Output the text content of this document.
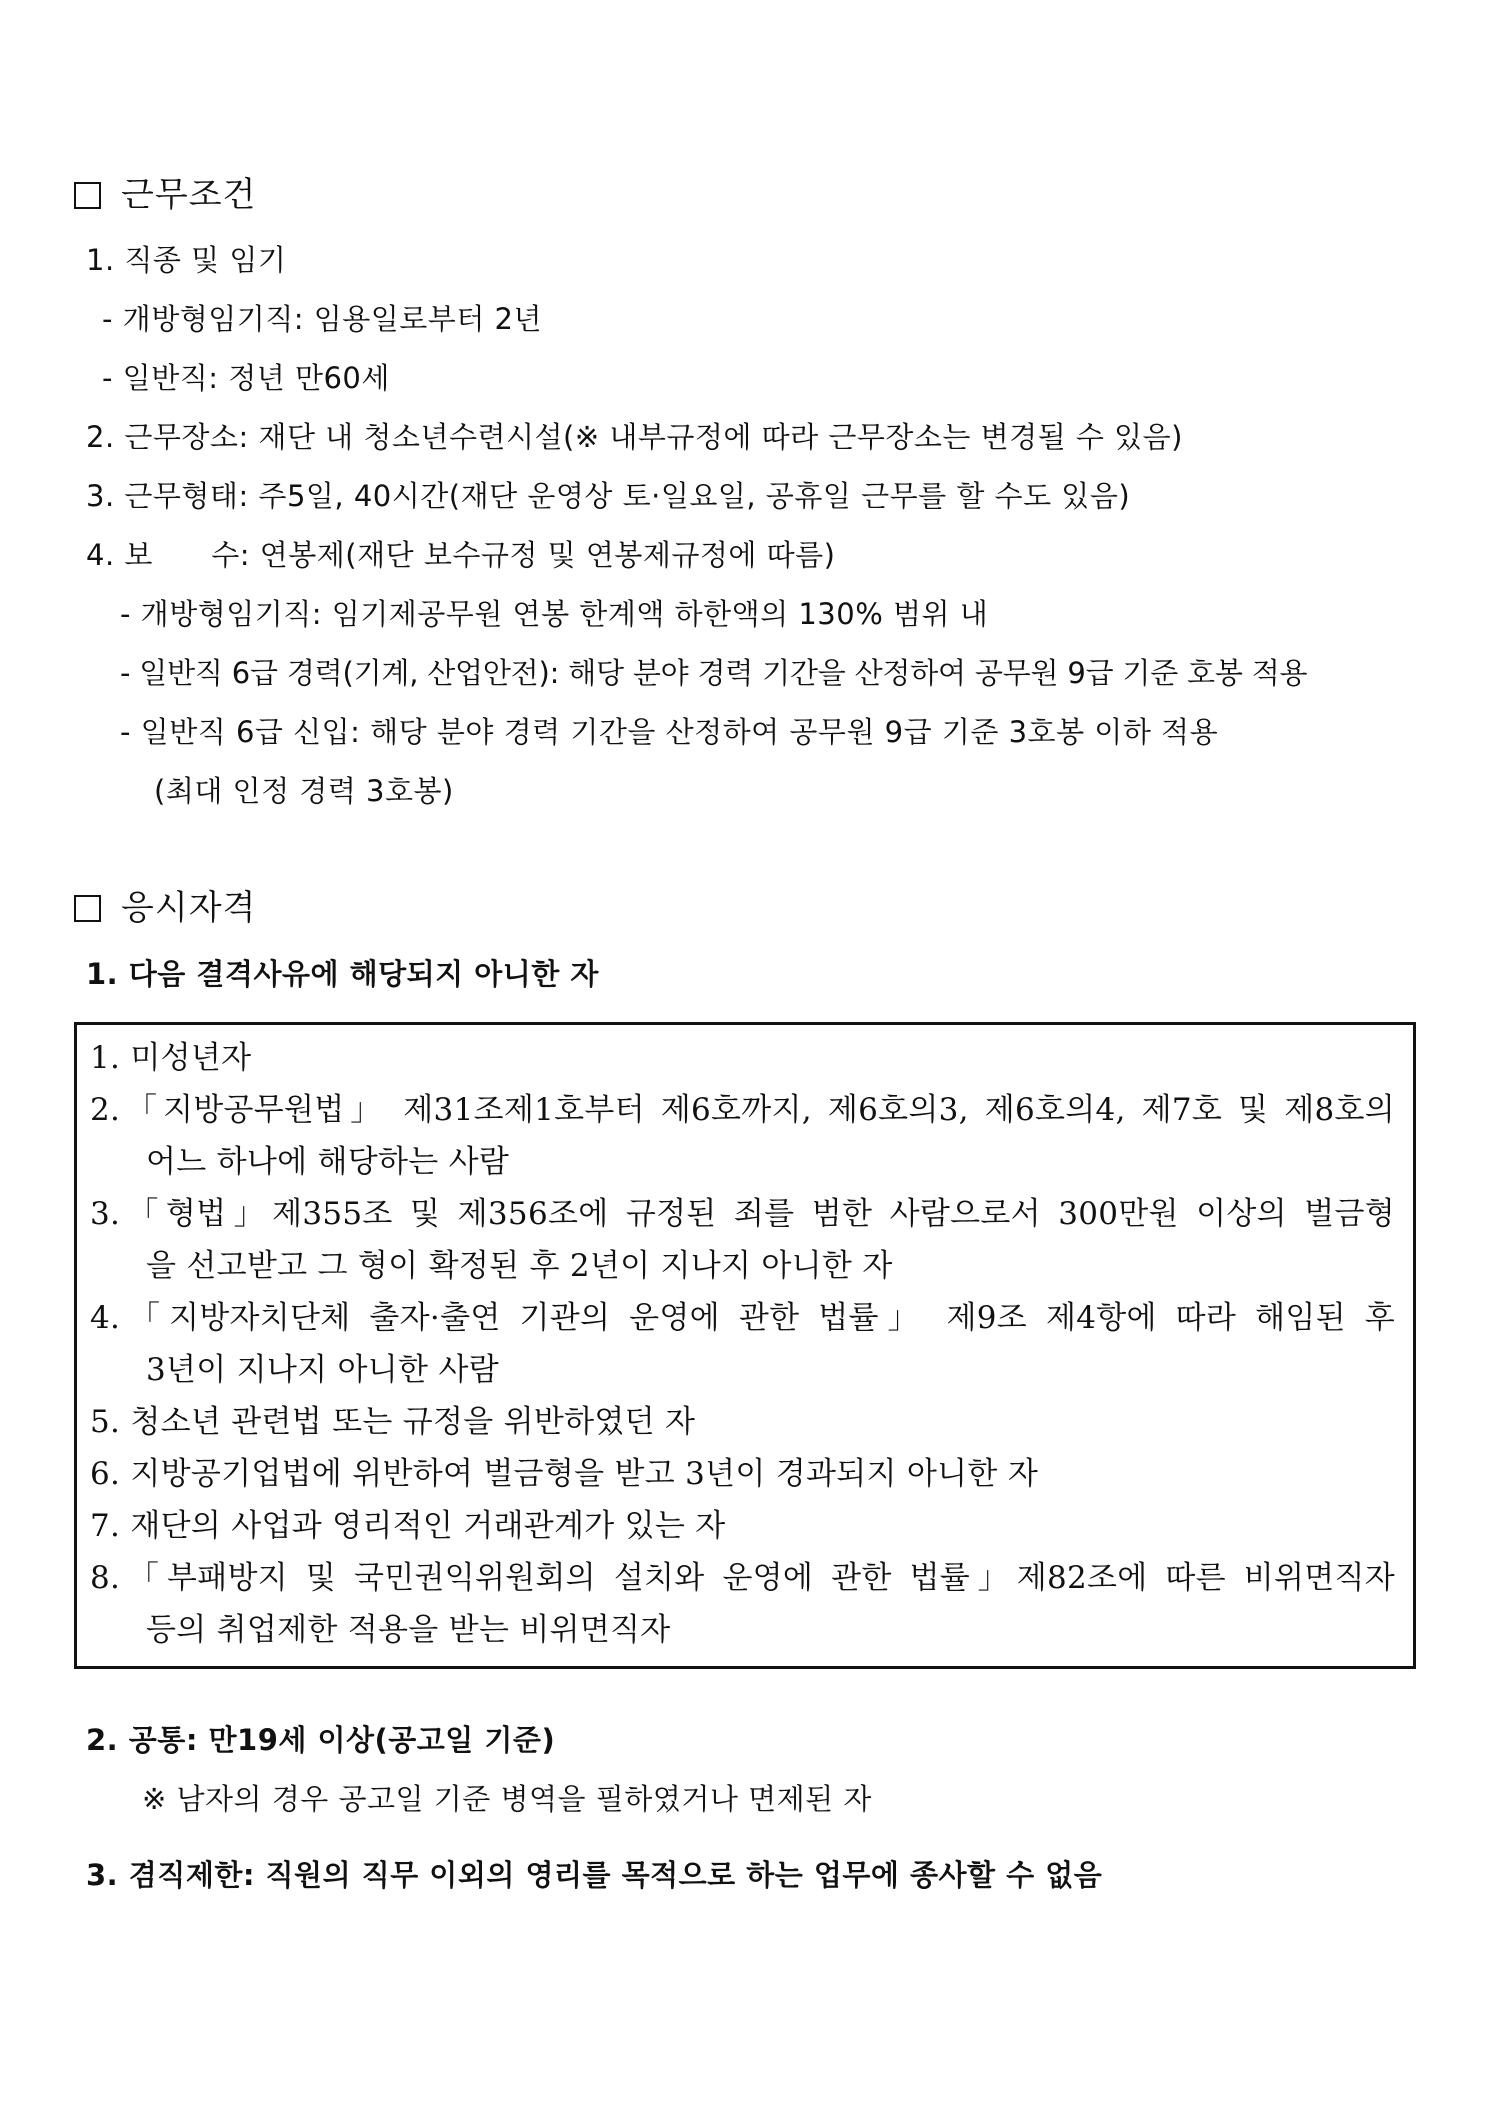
근무조건
1. 직종 및 임기
- 개방형임기직: 임용일로부터 2년
- 일반직: 정년 만60세
2. 근무장소: 재단 내 청소년수련시설(※ 내부규정에 따라 근무장소는 변경될 수 있음)
3. 근무형태: 주5일, 40시간(재단 운영상 토·일요일, 공휴일 근무를 할 수도 있음)
4. 보      수: 연봉제(재단 보수규정 및 연봉제규정에 따름)
- 개방형임기직: 임기제공무원 연봉 한계액 하한액의 130% 범위 내
- 일반직 6급 경력(기계, 산업안전): 해당 분야 경력 기간을 산정하여 공무원 9급 기준 호봉 적용
- 일반직 6급 신입: 해당 분야 경력 기간을 산정하여 공무원 9급 기준 3호봉 이하 적용
(최대 인정 경력 3호봉)
응시자격
1. 다음 결격사유에 해당되지 아니한 자
1. 미성년자
2.「지방공무원법」 제31조제1호부터 제6호까지, 제6호의3, 제6호의4, 제7호 및 제8호의
어느 하나에 해당하는 사람
3.「형법」제355조 및 제356조에 규정된 죄를 범한 사람으로서 300만원 이상의 벌금형
을 선고받고 그 형이 확정된 후 2년이 지나지 아니한 자
4.「지방자치단체 출자·출연 기관의 운영에 관한 법률」 제9조 제4항에 따라 해임된 후
3년이 지나지 아니한 사람
5. 청소년 관련법 또는 규정을 위반하였던 자
6. 지방공기업법에 위반하여 벌금형을 받고 3년이 경과되지 아니한 자
7. 재단의 사업과 영리적인 거래관계가 있는 자
8.「부패방지 및 국민권익위원회의 설치와 운영에 관한 법률」제82조에 따른 비위면직자
등의 취업제한 적용을 받는 비위면직자
2. 공통: 만19세 이상(공고일 기준)
※ 남자의 경우 공고일 기준 병역을 필하였거나 면제된 자
3. 겸직제한: 직원의 직무 이외의 영리를 목적으로 하는 업무에 종사할 수 없음
